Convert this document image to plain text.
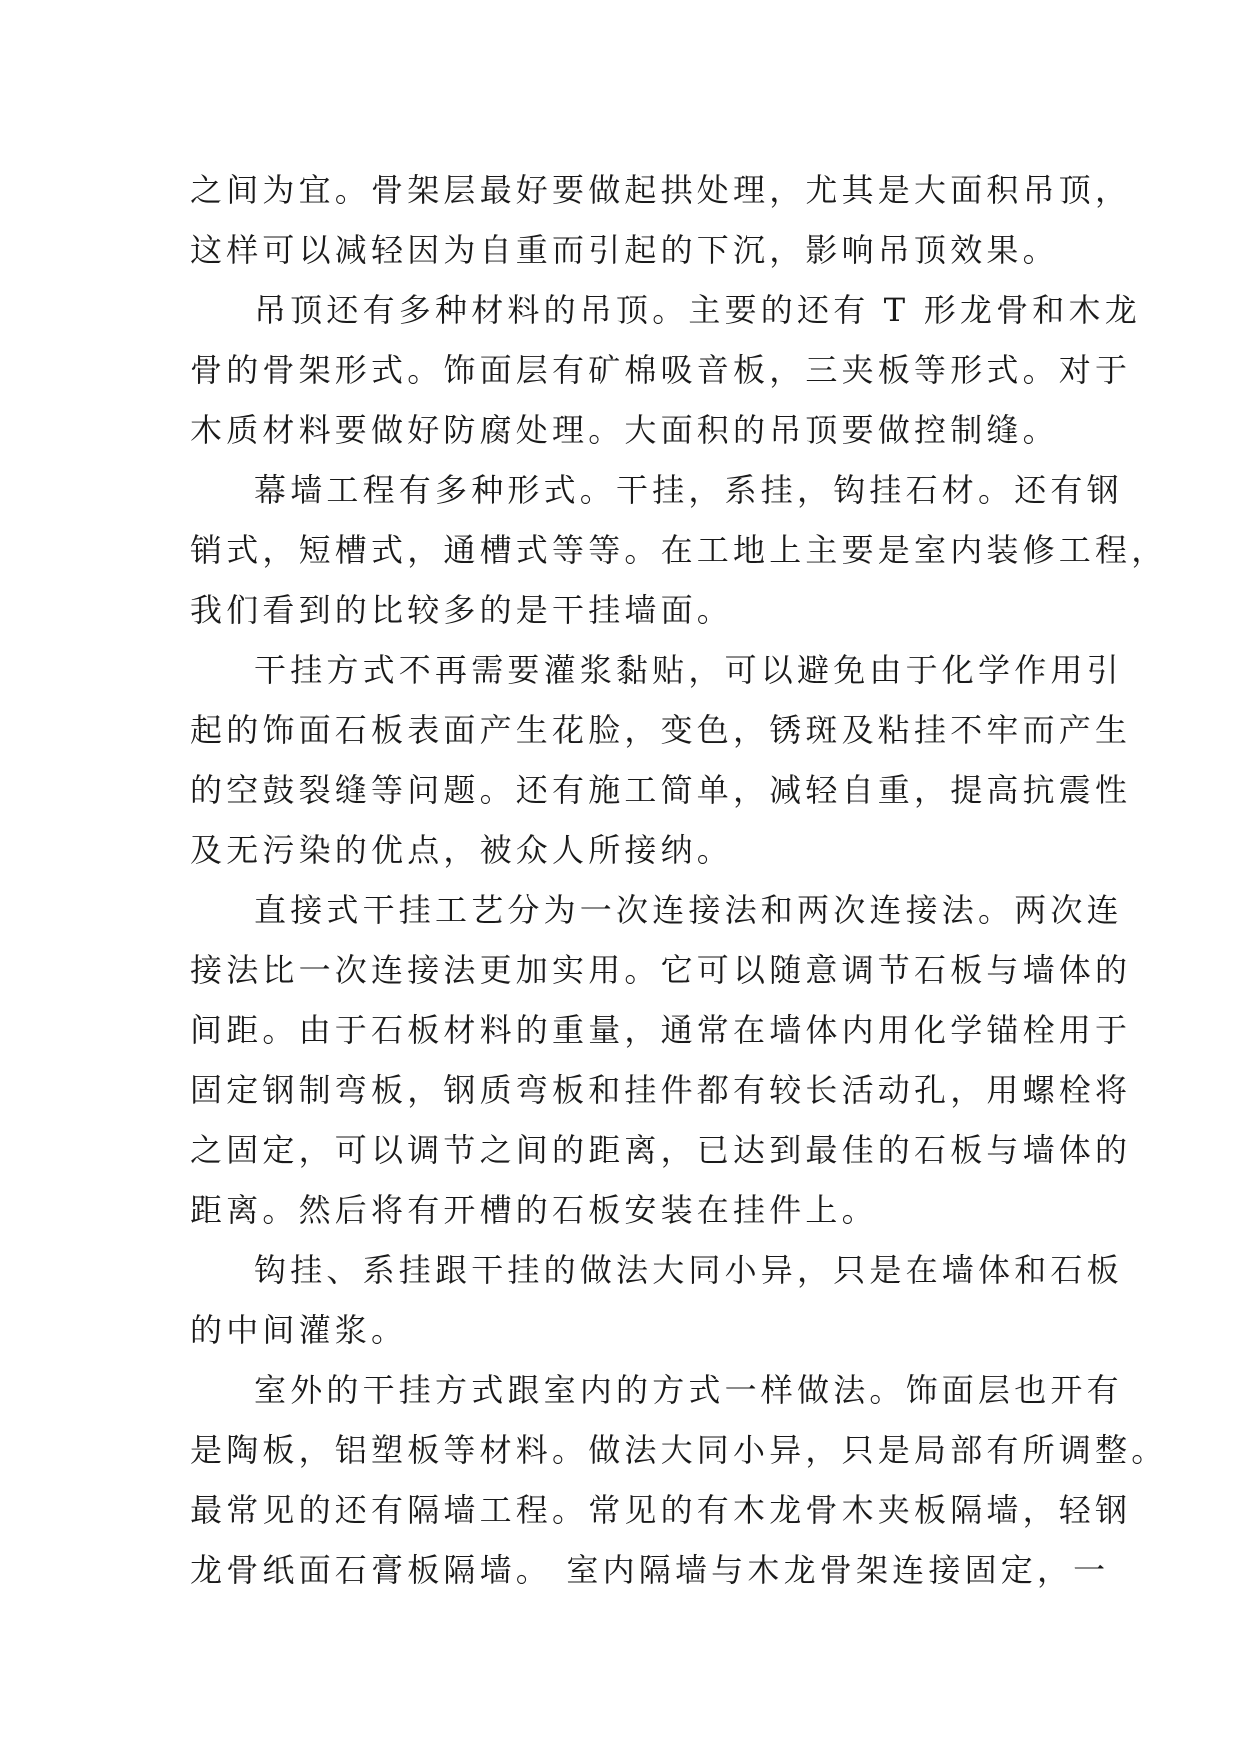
之间为宜。骨架层最好要做起拱处理，尤其是大面积吊顶，
这样可以减轻因为自重而引起的下沉，影响吊顶效果。
吊顶还有多种材料的吊顶。主要的还有 T 形龙骨和木龙
骨的骨架形式。饰面层有矿棉吸音板，三夹板等形式。对于
木质材料要做好防腐处理。大面积的吊顶要做控制缝。
幕墙工程有多种形式。干挂，系挂，钩挂石材。还有钢
销式，短槽式，通槽式等等。在工地上主要是室内装修工程，
我们看到的比较多的是干挂墙面。
干挂方式不再需要灌浆黏贴，可以避免由于化学作用引
起的饰面石板表面产生花脸，变色，锈斑及粘挂不牢而产生
的空鼓裂缝等问题。还有施工简单，减轻自重，提高抗震性
及无污染的优点，被众人所接纳。
直接式干挂工艺分为一次连接法和两次连接法。两次连
接法比一次连接法更加实用。它可以随意调节石板与墙体的
间距。由于石板材料的重量，通常在墙体内用化学锚栓用于
固定钢制弯板，钢质弯板和挂件都有较长活动孔，用螺栓将
之固定，可以调节之间的距离，已达到最佳的石板与墙体的
距离。然后将有开槽的石板安装在挂件上。
钩挂、系挂跟干挂的做法大同小异，只是在墙体和石板
的中间灌浆。
室外的干挂方式跟室内的方式一样做法。饰面层也开有
是陶板，铝塑板等材料。做法大同小异，只是局部有所调整。
最常见的还有隔墙工程。常见的有木龙骨木夹板隔墙，轻钢
龙骨纸面石膏板隔墙。 室内隔墙与木龙骨架连接固定，一
